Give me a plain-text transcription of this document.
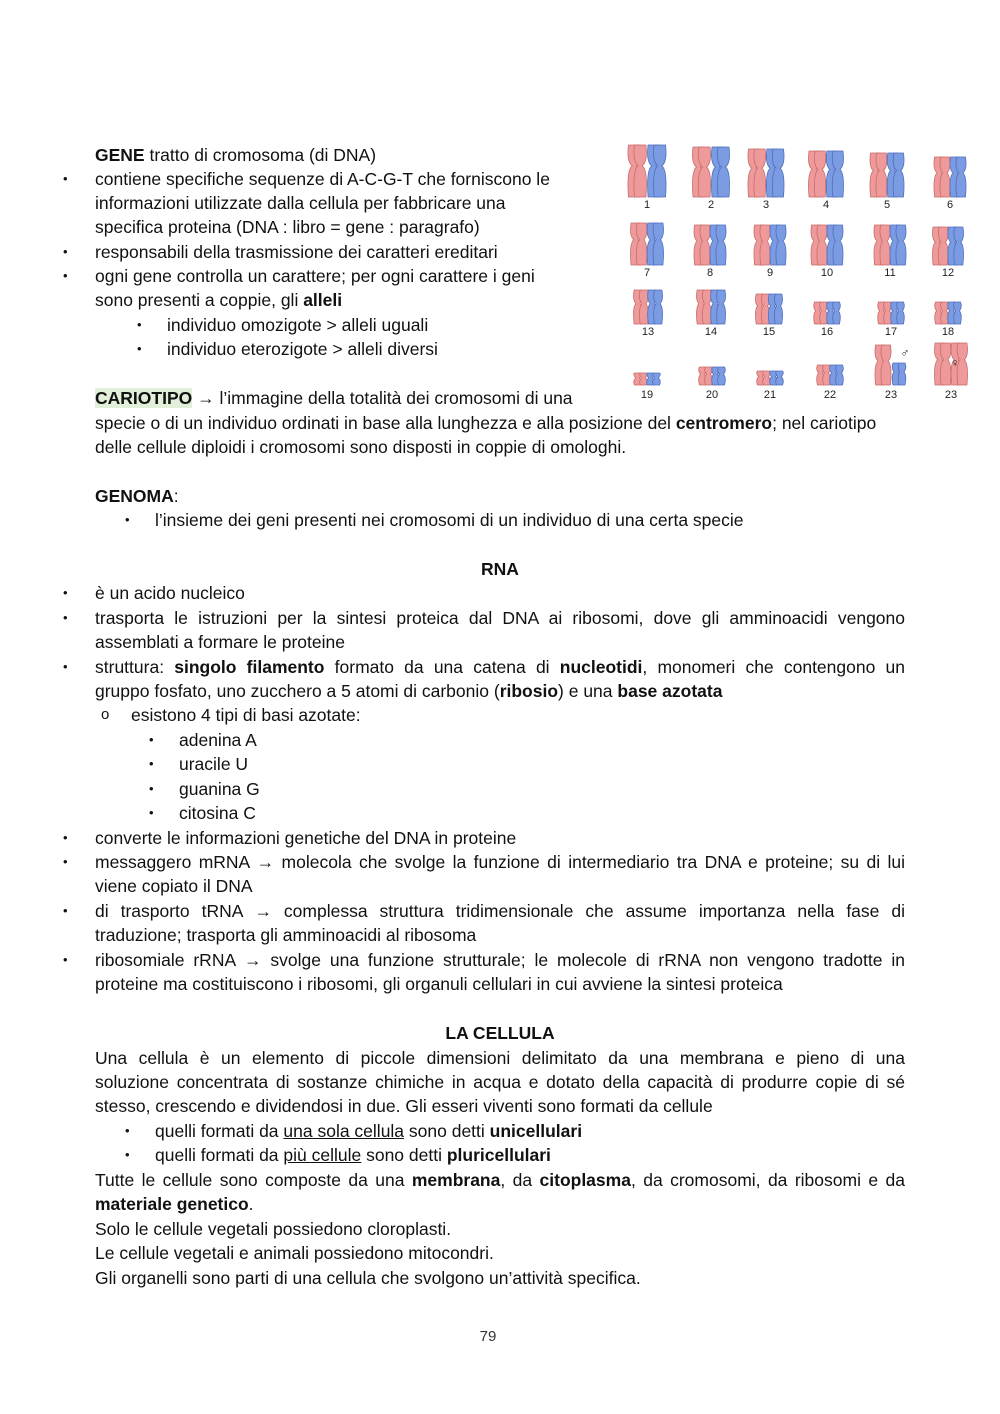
GENE tratto di cromosoma (di DNA)
• contiene specifiche sequenze di A-C-G-T che forniscono le
informazioni utilizzate dalla cellula per fabbricare una
specifica proteina (DNA : libro = gene : paragrafo)
• responsabili della trasmissione dei caratteri ereditari
• ogni gene controlla un carattere; per ogni carattere i geni
sono presenti a coppie, gli alleli
• individuo omozigote > alleli uguali
• individuo eterozigote > alleli diversi
1	2	3	4	5	6
7	8	9	10	11	12
13	14	15	16	17	18
19	20	21	22	23	23
♂
♀
CARIOTIPO → l’immagine della totalità dei cromosomi di una
specie o di un individuo ordinati in base alla lunghezza e alla posizione del centromero; nel cariotipo
delle cellule diploidi i cromosomi sono disposti in coppie di omologhi.
GENOMA:
• l’insieme dei geni presenti nei cromosomi di un individuo di una certa specie
RNA
• è un acido nucleico
• trasporta le istruzioni per la sintesi proteica dal DNA ai ribosomi, dove gli amminoacidi vengono
assemblati a formare le proteine
• struttura: singolo filamento formato da una catena di nucleotidi, monomeri che contengono un
gruppo fosfato, uno zucchero a 5 atomi di carbonio (ribosio) e una base azotata
o esistono 4 tipi di basi azotate:
• adenina A
• uracile U
• guanina G
• citosina C
• converte le informazioni genetiche del DNA in proteine
• messaggero mRNA → molecola che svolge la funzione di intermediario tra DNA e proteine; su di lui
viene copiato il DNA
• di trasporto tRNA → complessa struttura tridimensionale che assume importanza nella fase di
traduzione; trasporta gli amminoacidi al ribosoma
• ribosomiale rRNA → svolge una funzione strutturale; le molecole di rRNA non vengono tradotte in
proteine ma costituiscono i ribosomi, gli organuli cellulari in cui avviene la sintesi proteica
LA CELLULA
Una cellula è un elemento di piccole dimensioni delimitato da una membrana e pieno di una
soluzione concentrata di sostanze chimiche in acqua e dotato della capacità di produrre copie di sé
stesso, crescendo e dividendosi in due. Gli esseri viventi sono formati da cellule
• quelli formati da una sola cellula sono detti unicellulari
• quelli formati da più cellule sono detti pluricellulari
Tutte le cellule sono composte da una membrana, da citoplasma, da cromosomi, da ribosomi e da
materiale genetico.
Solo le cellule vegetali possiedono cloroplasti.
Le cellule vegetali e animali possiedono mitocondri.
Gli organelli sono parti di una cellula che svolgono un’attività specifica.
79
